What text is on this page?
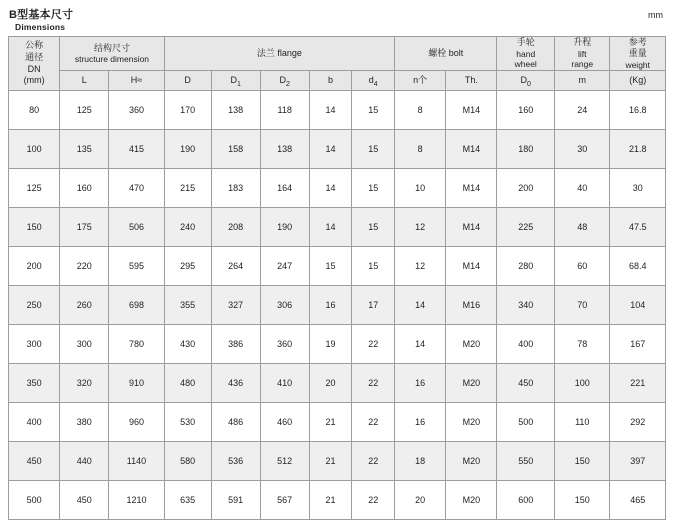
B型基本尺寸
Dimensions
mm
公称
通径
DN
(mm)	结构尺寸
structure dimension		法兰 flange					螺栓 bolt		手轮
hand
wheel	升程
lift
range	参考
重量
weight

	L	H≈	D	$D_1$	$D_2$	b	$d_4$	n个	Th.	$D_0$	m	(Kg)
80	125	360	170	138	118	14	15	8	M14	160	24	16.8
100	135	415	190	158	138	14	15	8	M14	180	30	21.8
125	160	470	215	183	164	14	15	10	M14	200	40	30
150	175	506	240	208	190	14	15	12	M14	225	48	47.5
200	220	595	295	264	247	15	15	12	M14	280	60	68.4
250	260	698	355	327	306	16	17	14	M16	340	70	104
300	300	780	430	386	360	19	22	14	M20	400	78	167
350	320	910	480	436	410	20	22	16	M20	450	100	221
400	380	960	530	486	460	21	22	16	M20	500	110	292
450	440	1140	580	536	512	21	22	18	M20	550	150	397
500	450	1210	635	591	567	21	22	20	M20	600	150	465
